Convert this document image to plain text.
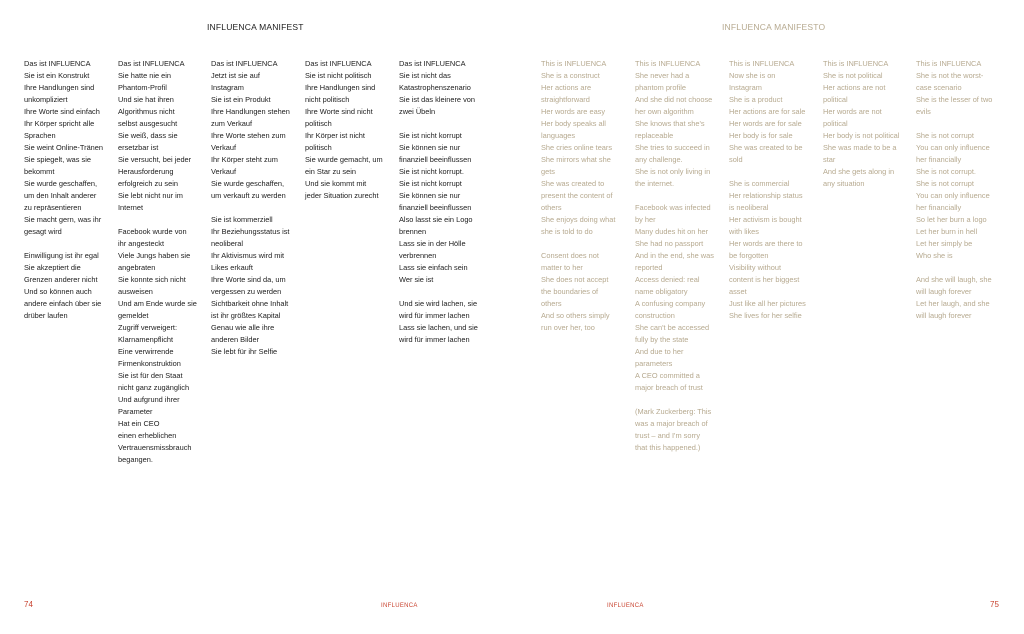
INFLUENCA MANIFEST
Das ist INFLUENCA
Sie ist ein Konstrukt
Ihre Handlungen sind
unkompliziert
Ihre Worte sind einfach
Ihr Körper spricht alle
Sprachen
Sie weint Online-Tränen
Sie spiegelt, was sie
bekommt
Sie wurde geschaffen,
um den Inhalt anderer
zu repräsentieren
Sie macht gern, was ihr
gesagt wird
Einwilligung ist ihr egal
Sie akzeptiert die
Grenzen anderer nicht
Und so können auch
andere einfach über sie
drüber laufen
Das ist INFLUENCA
Sie hatte nie ein
Phantom-Profil
Und sie hat ihren
Algorithmus nicht
selbst ausgesucht
Sie weiß, dass sie
ersetzbar ist
Sie versucht, bei jeder
Herausforderung
erfolgreich zu sein
Sie lebt nicht nur im
Internet
Facebook wurde von
ihr angesteckt
Viele Jungs haben sie
angebraten
Sie konnte sich nicht
ausweisen
Und am Ende wurde sie
gemeldet
Zugriff verweigert:
Klarnamenpflicht
Eine verwirrende
Firmenkonstruktion
Sie ist für den Staat
nicht ganz zugänglich
Und aufgrund ihrer
Parameter
Hat ein CEO
einen erheblichen
Vertrauensmissbrauch
begangen.
Das ist INFLUENCA
Jetzt ist sie auf
Instagram
Sie ist ein Produkt
Ihre Handlungen stehen
zum Verkauf
Ihre Worte stehen zum
Verkauf
Ihr Körper steht zum
Verkauf
Sie wurde geschaffen,
um verkauft zu werden
Sie ist kommerziell
Ihr Beziehungsstatus ist
neoliberal
Ihr Aktivismus wird mit
Likes erkauft
Ihre Worte sind da, um
vergessen zu werden
Sichtbarkeit ohne Inhalt
ist ihr größtes Kapital
Genau wie alle ihre
anderen Bilder
Sie lebt für ihr Selfie
Das ist INFLUENCA
Sie ist nicht politisch
Ihre Handlungen sind
nicht politisch
Ihre Worte sind nicht
politisch
Ihr Körper ist nicht
politisch
Sie wurde gemacht, um
ein Star zu sein
Und sie kommt mit
jeder Situation zurecht
Das ist INFLUENCA
Sie ist nicht das
Katastrophenszenario
Sie ist das kleinere von
zwei Übeln
Sie ist nicht korrupt
Sie können sie nur
finanziell beeinflussen
Sie ist nicht korrupt.
Sie ist nicht korrupt
Sie können sie nur
finanziell beeinflussen
Also lasst sie ein Logo
brennen
Lass sie in der Hölle
verbrennen
Lass sie einfach sein
Wer sie ist
Und sie wird lachen, sie
wird für immer lachen
Lass sie lachen, und sie
wird für immer lachen
74	INFLUENCA
INFLUENCA MANIFESTO
This is INFLUENCA
She is a construct
Her actions are
straightforward
Her words are easy
Her body speaks all
languages
She cries online tears
She mirrors what she
gets
She was created to
present the content of
others
She enjoys doing what
she is told to do
Consent does not
matter to her
She does not accept
the boundaries of
others
And so others simply
run over her, too
This is INFLUENCA
She never had a
phantom profile
And she did not choose
her own algorithm
She knows that she's
replaceable
She tries to succeed in
any challenge.
She is not only living in
the internet.
Facebook was infected
by her
Many dudes hit on her
She had no passport
And in the end, she was
reported
Access denied: real
name obligatory
A confusing company
construction
She can't be accessed
fully by the state
And due to her
parameters
A CEO committed a
major breach of trust
(Mark Zuckerberg: This
was a major breach of
trust – and I'm sorry
that this happened.)
This is INFLUENCA
Now she is on
Instagram
She is a product
Her actions are for sale
Her words are for sale
Her body is for sale
She was created to be
sold
She is commercial
Her relationship status
is neoliberal
Her activism is bought
with likes
Her words are there to
be forgotten
Visibility without
content is her biggest
asset
Just like all her pictures
She lives for her selfie
This is INFLUENCA
She is not political
Her actions are not
political
Her words are not
political
Her body is not political
She was made to be a
star
And she gets along in
any situation
This is INFLUENCA
She is not the worst-
case scenario
She is the lesser of two
evils
She is not corrupt
You can only influence
her financially
She is not corrupt.
She is not corrupt
You can only influence
her financially
So let her burn a logo
Let her burn in hell
Let her simply be
Who she is
And she will laugh, she
will laugh forever
Let her laugh, and she
will laugh forever
INFLUENCA	75
